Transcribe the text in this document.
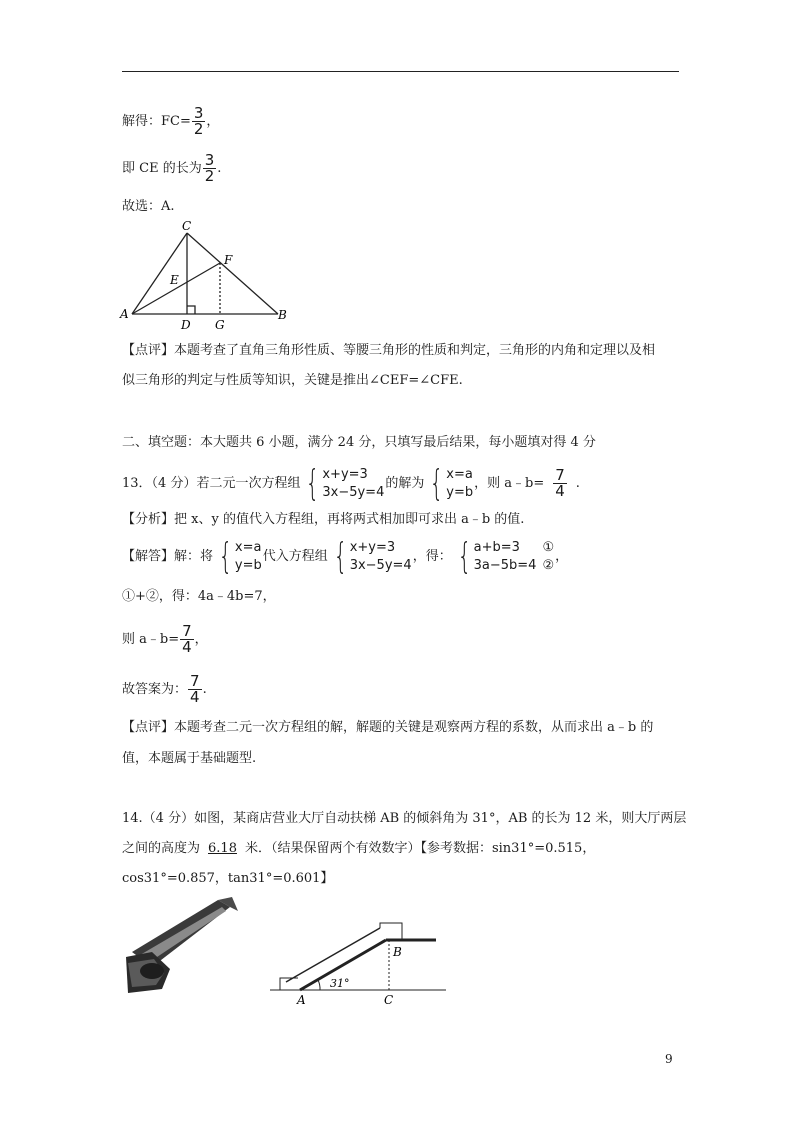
解得：$FC= \frac{3}{2}$ ，
即 CE 的长为 $\frac{3}{2}$ .
故选：A.
C
F
E
A
D G
B
【点评】本题考查了直角三角形性质、等腰三角形的性质和判定，三角形的内角和定理以及相
似三角形的判定与性质等知识，关键是推出∠CEF=∠CFE.
二、填空题：本大题共 6 小题，满分 24 分，只填写最后结果，每小题填对得 4 分
13．（4 分）若二元一次方程组 { x+y=3
3x−5y=4
的解为 { x=a
y=b
，则 a﹣b= $\frac{7}{4}$ .
【分析】把 x、y 的值代入方程组，再将两式相加即可求出 a﹣b 的值.
【解答】解：将 { x=a
y=b
代入方程组 { x+y=3
3x−5y=4
，得： { a+b=3
3a−5b=4
①
②
，
①+②，得：4a﹣4b=7，
则 a﹣b= $\frac{7}{4}$ ，
故答案为： $\frac{7}{4}$ .
【点评】本题考查二元一次方程组的解，解题的关键是观察两方程的系数，从而求出 a﹣b 的
值，本题属于基础题型.
14.（4 分）如图，某商店营业大厅自动扶梯 AB 的倾斜角为 31°，AB 的长为 12 米，则大厅两层
之间的高度为 6.18 米．（结果保留两个有效数字）【参考数据：sin31°=0.515，
cos31°=0.857，tan31°=0.601】
B
A	C
31°
9
